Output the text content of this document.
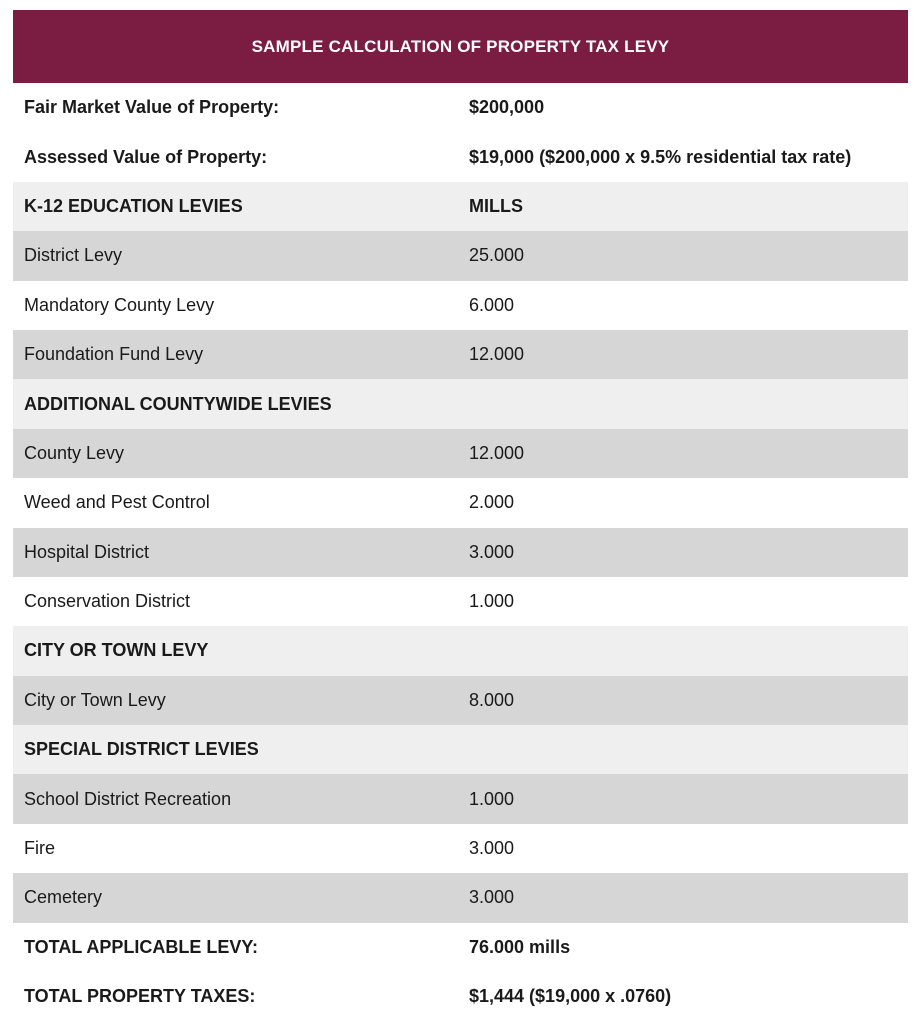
SAMPLE CALCULATION OF PROPERTY TAX LEVY
Fair Market Value of Property:	$200,000
Assessed Value of Property:	$19,000 ($200,000 x 9.5% residential tax rate)
K-12 EDUCATION LEVIES	MILLS
District Levy	25.000
Mandatory County Levy	6.000
Foundation Fund Levy	12.000
ADDITIONAL COUNTYWIDE LEVIES
County Levy	12.000
Weed and Pest Control	2.000
Hospital District	3.000
Conservation District	1.000
CITY OR TOWN LEVY
City or Town Levy	8.000
SPECIAL DISTRICT LEVIES
School District Recreation	1.000
Fire	3.000
Cemetery	3.000
TOTAL APPLICABLE LEVY:	76.000 mills
TOTAL PROPERTY TAXES:	$1,444 ($19,000 x .0760)
